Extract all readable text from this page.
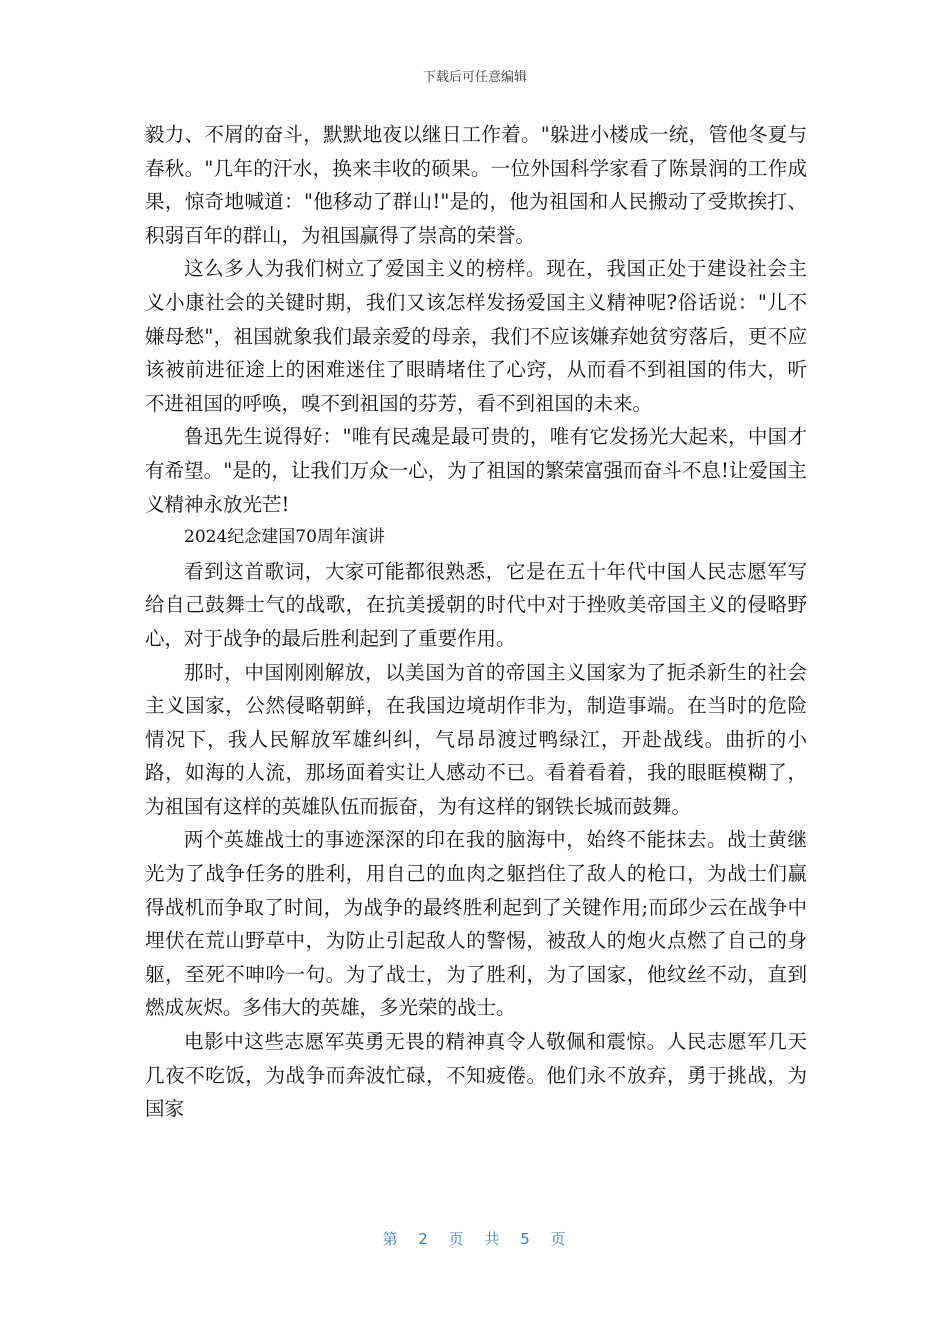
下载后可任意编辑

毅力、不屑的奋斗，默默地夜以继日工作着。"躲进小楼成一统，管他冬夏与春秋。"几年的汗水，换来丰收的硕果。一位外国科学家看了陈景润的工作成果，惊奇地喊道："他移动了群山!"是的，他为祖国和人民搬动了受欺挨打、积弱百年的群山，为祖国赢得了崇高的荣誉。

这么多人为我们树立了爱国主义的榜样。现在，我国正处于建设社会主义小康社会的关键时期，我们又该怎样发扬爱国主义精神呢?俗话说："儿不嫌母愁"，祖国就象我们最亲爱的母亲，我们不应该嫌弃她贫穷落后，更不应该被前进征途上的困难迷住了眼睛堵住了心窍，从而看不到祖国的伟大，听不进祖国的呼唤，嗅不到祖国的芬芳，看不到祖国的未来。

鲁迅先生说得好："唯有民魂是最可贵的，唯有它发扬光大起来，中国才有希望。"是的，让我们万众一心，为了祖国的繁荣富强而奋斗不息!让爱国主义精神永放光芒!

2024纪念建国70周年演讲

看到这首歌词，大家可能都很熟悉，它是在五十年代中国人民志愿军写给自己鼓舞士气的战歌，在抗美援朝的时代中对于挫败美帝国主义的侵略野心，对于战争的最后胜利起到了重要作用。

那时，中国刚刚解放，以美国为首的帝国主义国家为了扼杀新生的社会主义国家，公然侵略朝鲜，在我国边境胡作非为，制造事端。在当时的危险情况下，我人民解放军雄纠纠，气昂昂渡过鸭绿江，开赴战线。曲折的小路，如海的人流，那场面着实让人感动不已。看着看着，我的眼眶模糊了，为祖国有这样的英雄队伍而振奋，为有这样的钢铁长城而鼓舞。

两个英雄战士的事迹深深的印在我的脑海中，始终不能抹去。战士黄继光为了战争任务的胜利，用自己的血肉之躯挡住了敌人的枪口，为战士们赢得战机而争取了时间，为战争的最终胜利起到了关键作用;而邱少云在战争中埋伏在荒山野草中，为防止引起敌人的警惕，被敌人的炮火点燃了自己的身躯，至死不呻吟一句。为了战士，为了胜利，为了国家，他纹丝不动，直到燃成灰烬。多伟大的英雄，多光荣的战士。

电影中这些志愿军英勇无畏的精神真令人敬佩和震惊。人民志愿军几天几夜不吃饭，为战争而奔波忙碌，不知疲倦。他们永不放弃，勇于挑战，为国家

第 2 页 共 5 页
